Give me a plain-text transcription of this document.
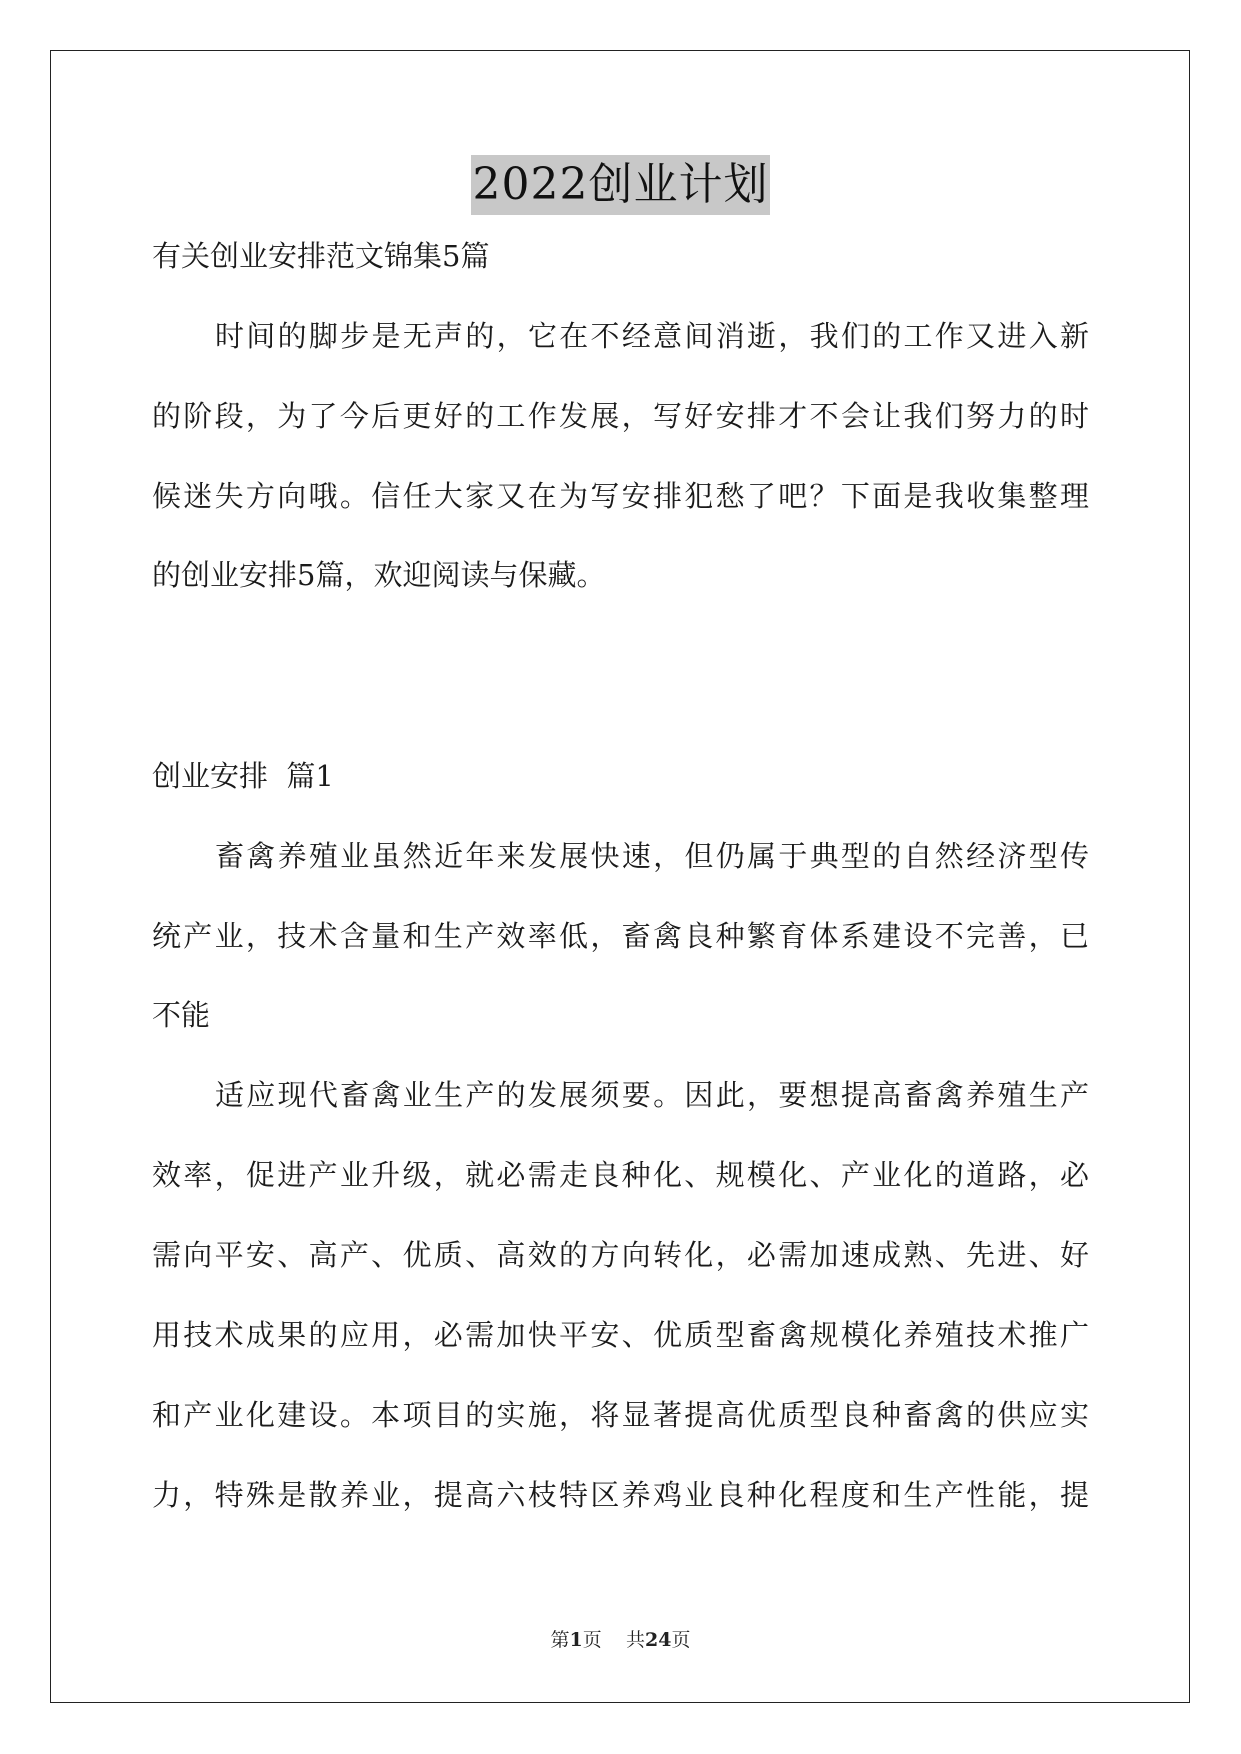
2022创业计划
有关创业安排范文锦集5篇
时间的脚步是无声的，它在不经意间消逝，我们的工作又进入新
的阶段，为了今后更好的工作发展，写好安排才不会让我们努力的时
候迷失方向哦。信任大家又在为写安排犯愁了吧？下面是我收集整理
的创业安排5篇，欢迎阅读与保藏。
创业安排  篇1
畜禽养殖业虽然近年来发展快速，但仍属于典型的自然经济型传
统产业，技术含量和生产效率低，畜禽良种繁育体系建设不完善，已
不能
适应现代畜禽业生产的发展须要。因此，要想提高畜禽养殖生产
效率，促进产业升级，就必需走良种化、规模化、产业化的道路，必
需向平安、高产、优质、高效的方向转化，必需加速成熟、先进、好
用技术成果的应用，必需加快平安、优质型畜禽规模化养殖技术推广
和产业化建设。本项目的实施，将显著提高优质型良种畜禽的供应实
力，特殊是散养业，提高六枝特区养鸡业良种化程度和生产性能，提
第1页 共24页
